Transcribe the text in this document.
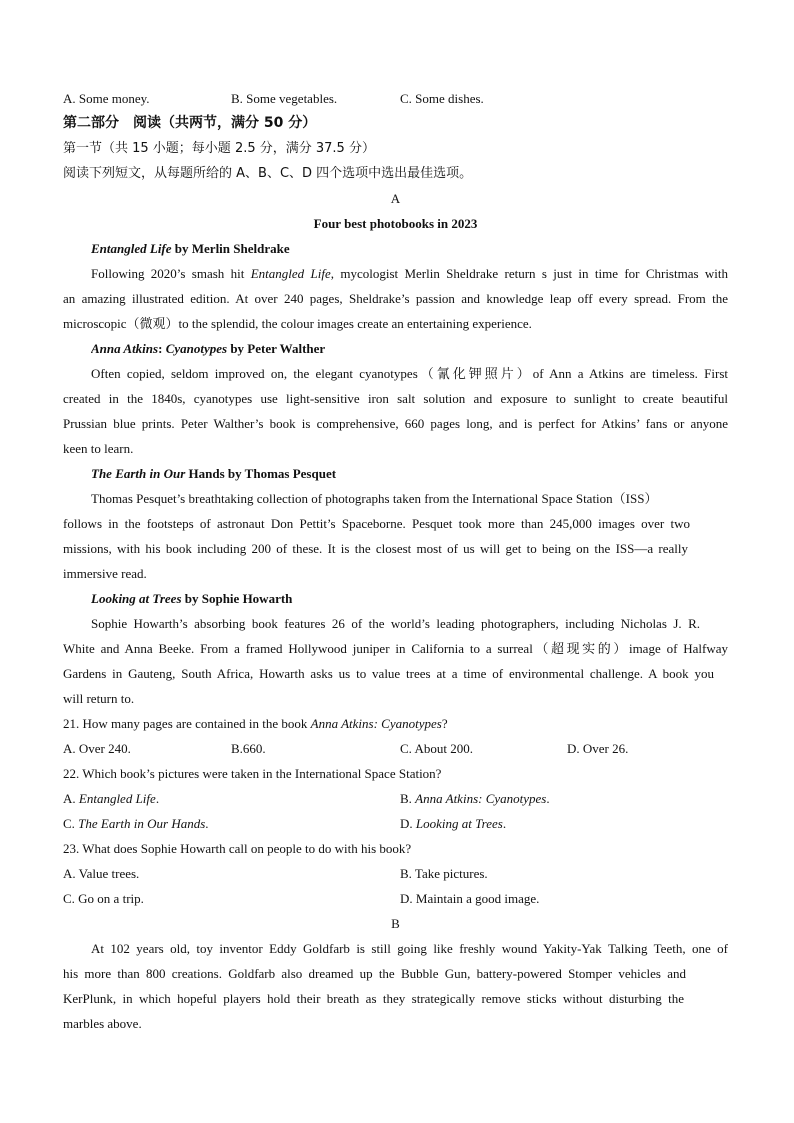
A. Some money.	B. Some vegetables.	C. Some dishes.
第二部分　阅读（共两节，满分 50 分）
第一节（共 15 小题；每小题 2.5 分，满分 37.5 分）
阅读下列短文，从每题所给的 A、B、C、D 四个选项中选出最佳选项。
A
Four best photobooks in 2023
Entangled Life by Merlin Sheldrake
Following 2020’s smash hit Entangled Life, mycologist Merlin Sheldrake return s just in time for Christmas with
an amazing illustrated edition. At over 240 pages, Sheldrake’s passion and knowledge leap off every spread. From the
microscopic（微观）to the splendid, the colour images create an entertaining experience.
Anna Atkins: Cyanotypes by Peter Walther
Often copied, seldom improved on, the elegant cyanotypes（氰化钾照片）of Ann a Atkins are timeless. First
created in the 1840s, cyanotypes use light-sensitive iron salt solution and exposure to sunlight to create beautiful
Prussian blue prints. Peter Walther’s book is comprehensive, 660 pages long, and is perfect for Atkins’ fans or anyone
keen to learn.
The Earth in Our Hands by Thomas Pesquet
Thomas Pesquet’s breathtaking collection of photographs taken from the International Space Station（ISS）
follows in the footsteps of astronaut Don Pettit’s Spaceborne. Pesquet took more than 245,000 images over two
missions, with his book including 200 of these. It is the closest most of us will get to being on the ISS—a really
immersive read.
Looking at Trees by Sophie Howarth
Sophie Howarth’s absorbing book features 26 of the world’s leading photographers, including Nicholas J. R.
White and Anna Beeke. From a framed Hollywood juniper in California to a surreal（超现实的）image of Halfway
Gardens in Gauteng, South Africa, Howarth asks us to value trees at a time of environmental challenge. A book you
will return to.
21. How many pages are contained in the book Anna Atkins: Cyanotypes?
A. Over 240.	B.660.	C. About 200.	D. Over 26.
22. Which book’s pictures were taken in the International Space Station?
A. Entangled Life.	B. Anna Atkins: Cyanotypes.
C. The Earth in Our Hands.	D. Looking at Trees.
23. What does Sophie Howarth call on people to do with his book?
A. Value trees.	B. Take pictures.
C. Go on a trip.	D. Maintain a good image.
B
At 102 years old, toy inventor Eddy Goldfarb is still going like freshly wound Yakity-Yak Talking Teeth, one of
his more than 800 creations. Goldfarb also dreamed up the Bubble Gun, battery-powered Stomper vehicles and
KerPlunk, in which hopeful players hold their breath as they strategically remove sticks without disturbing the
marbles above.
